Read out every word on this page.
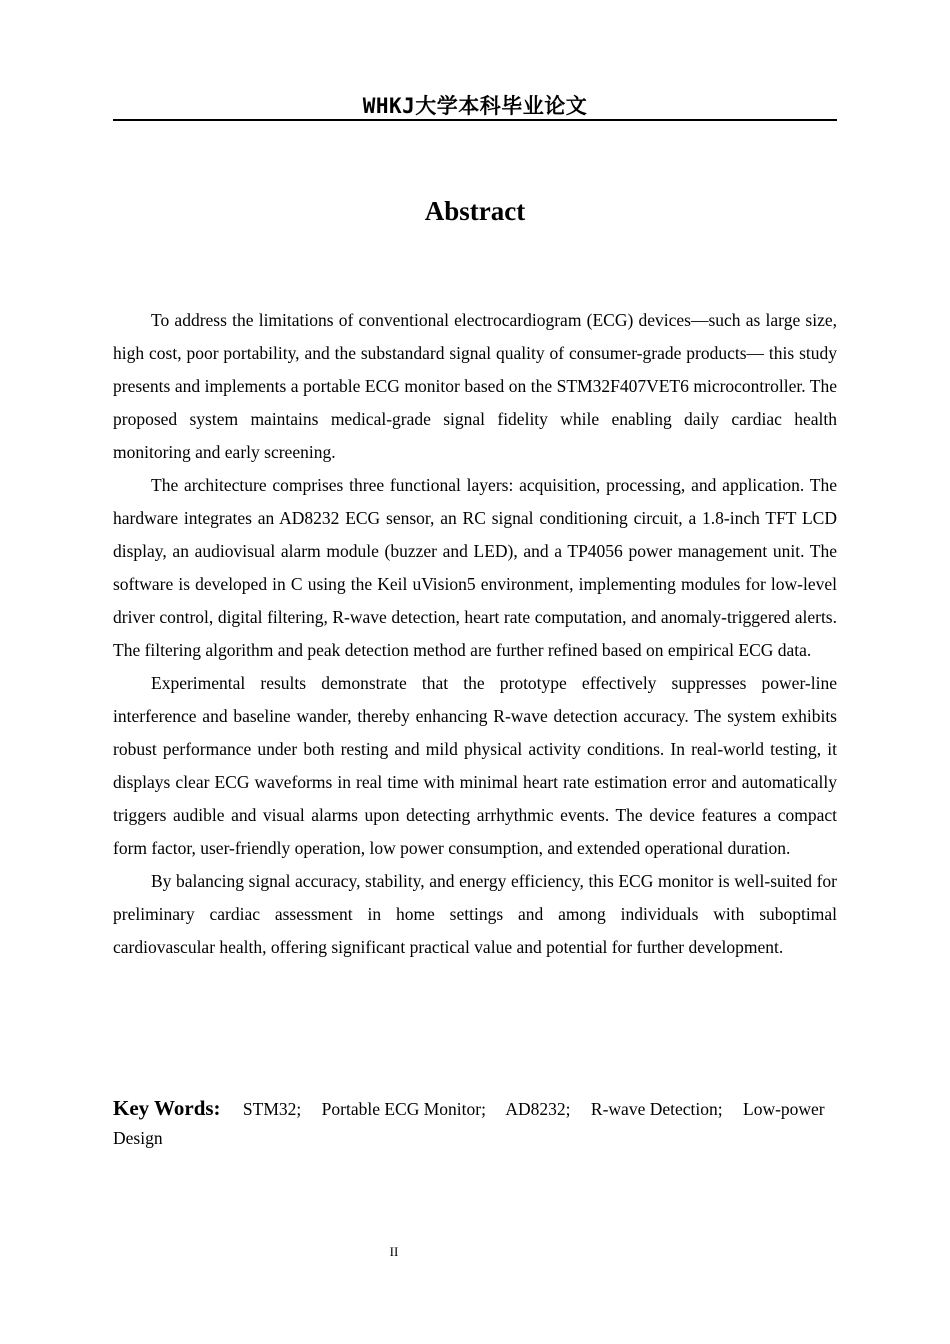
WHKJ大学本科毕业论文
Abstract

To address the limitations of conventional electrocardiogram (ECG) devices—such as large size, high cost, poor portability, and the substandard signal quality of consumer-grade products— this study presents and implements a portable ECG monitor based on the STM32F407VET6 microcontroller. The proposed system maintains medical-grade signal fidelity while enabling daily cardiac health monitoring and early screening.

The architecture comprises three functional layers: acquisition, processing, and application. The hardware integrates an AD8232 ECG sensor, an RC signal conditioning circuit, a 1.8-inch TFT LCD display, an audiovisual alarm module (buzzer and LED), and a TP4056 power management unit. The software is developed in C using the Keil uVision5 environment, implementing modules for low-level driver control, digital filtering, R-wave detection, heart rate computation, and anomaly-triggered alerts. The filtering algorithm and peak detection method are further refined based on empirical ECG data.

Experimental results demonstrate that the prototype effectively suppresses power-line interference and baseline wander, thereby enhancing R-wave detection accuracy. The system exhibits robust performance under both resting and mild physical activity conditions. In real-world testing, it displays clear ECG waveforms in real time with minimal heart rate estimation error and automatically triggers audible and visual alarms upon detecting arrhythmic events. The device features a compact form factor, user-friendly operation, low power consumption, and extended operational duration.

By balancing signal accuracy, stability, and energy efficiency, this ECG monitor is well-suited for preliminary cardiac assessment in home settings and among individuals with suboptimal cardiovascular health, offering significant practical value and potential for further development.

Key Words: STM32; Portable ECG Monitor; AD8232; R-wave Detection; Low-power Design
II
